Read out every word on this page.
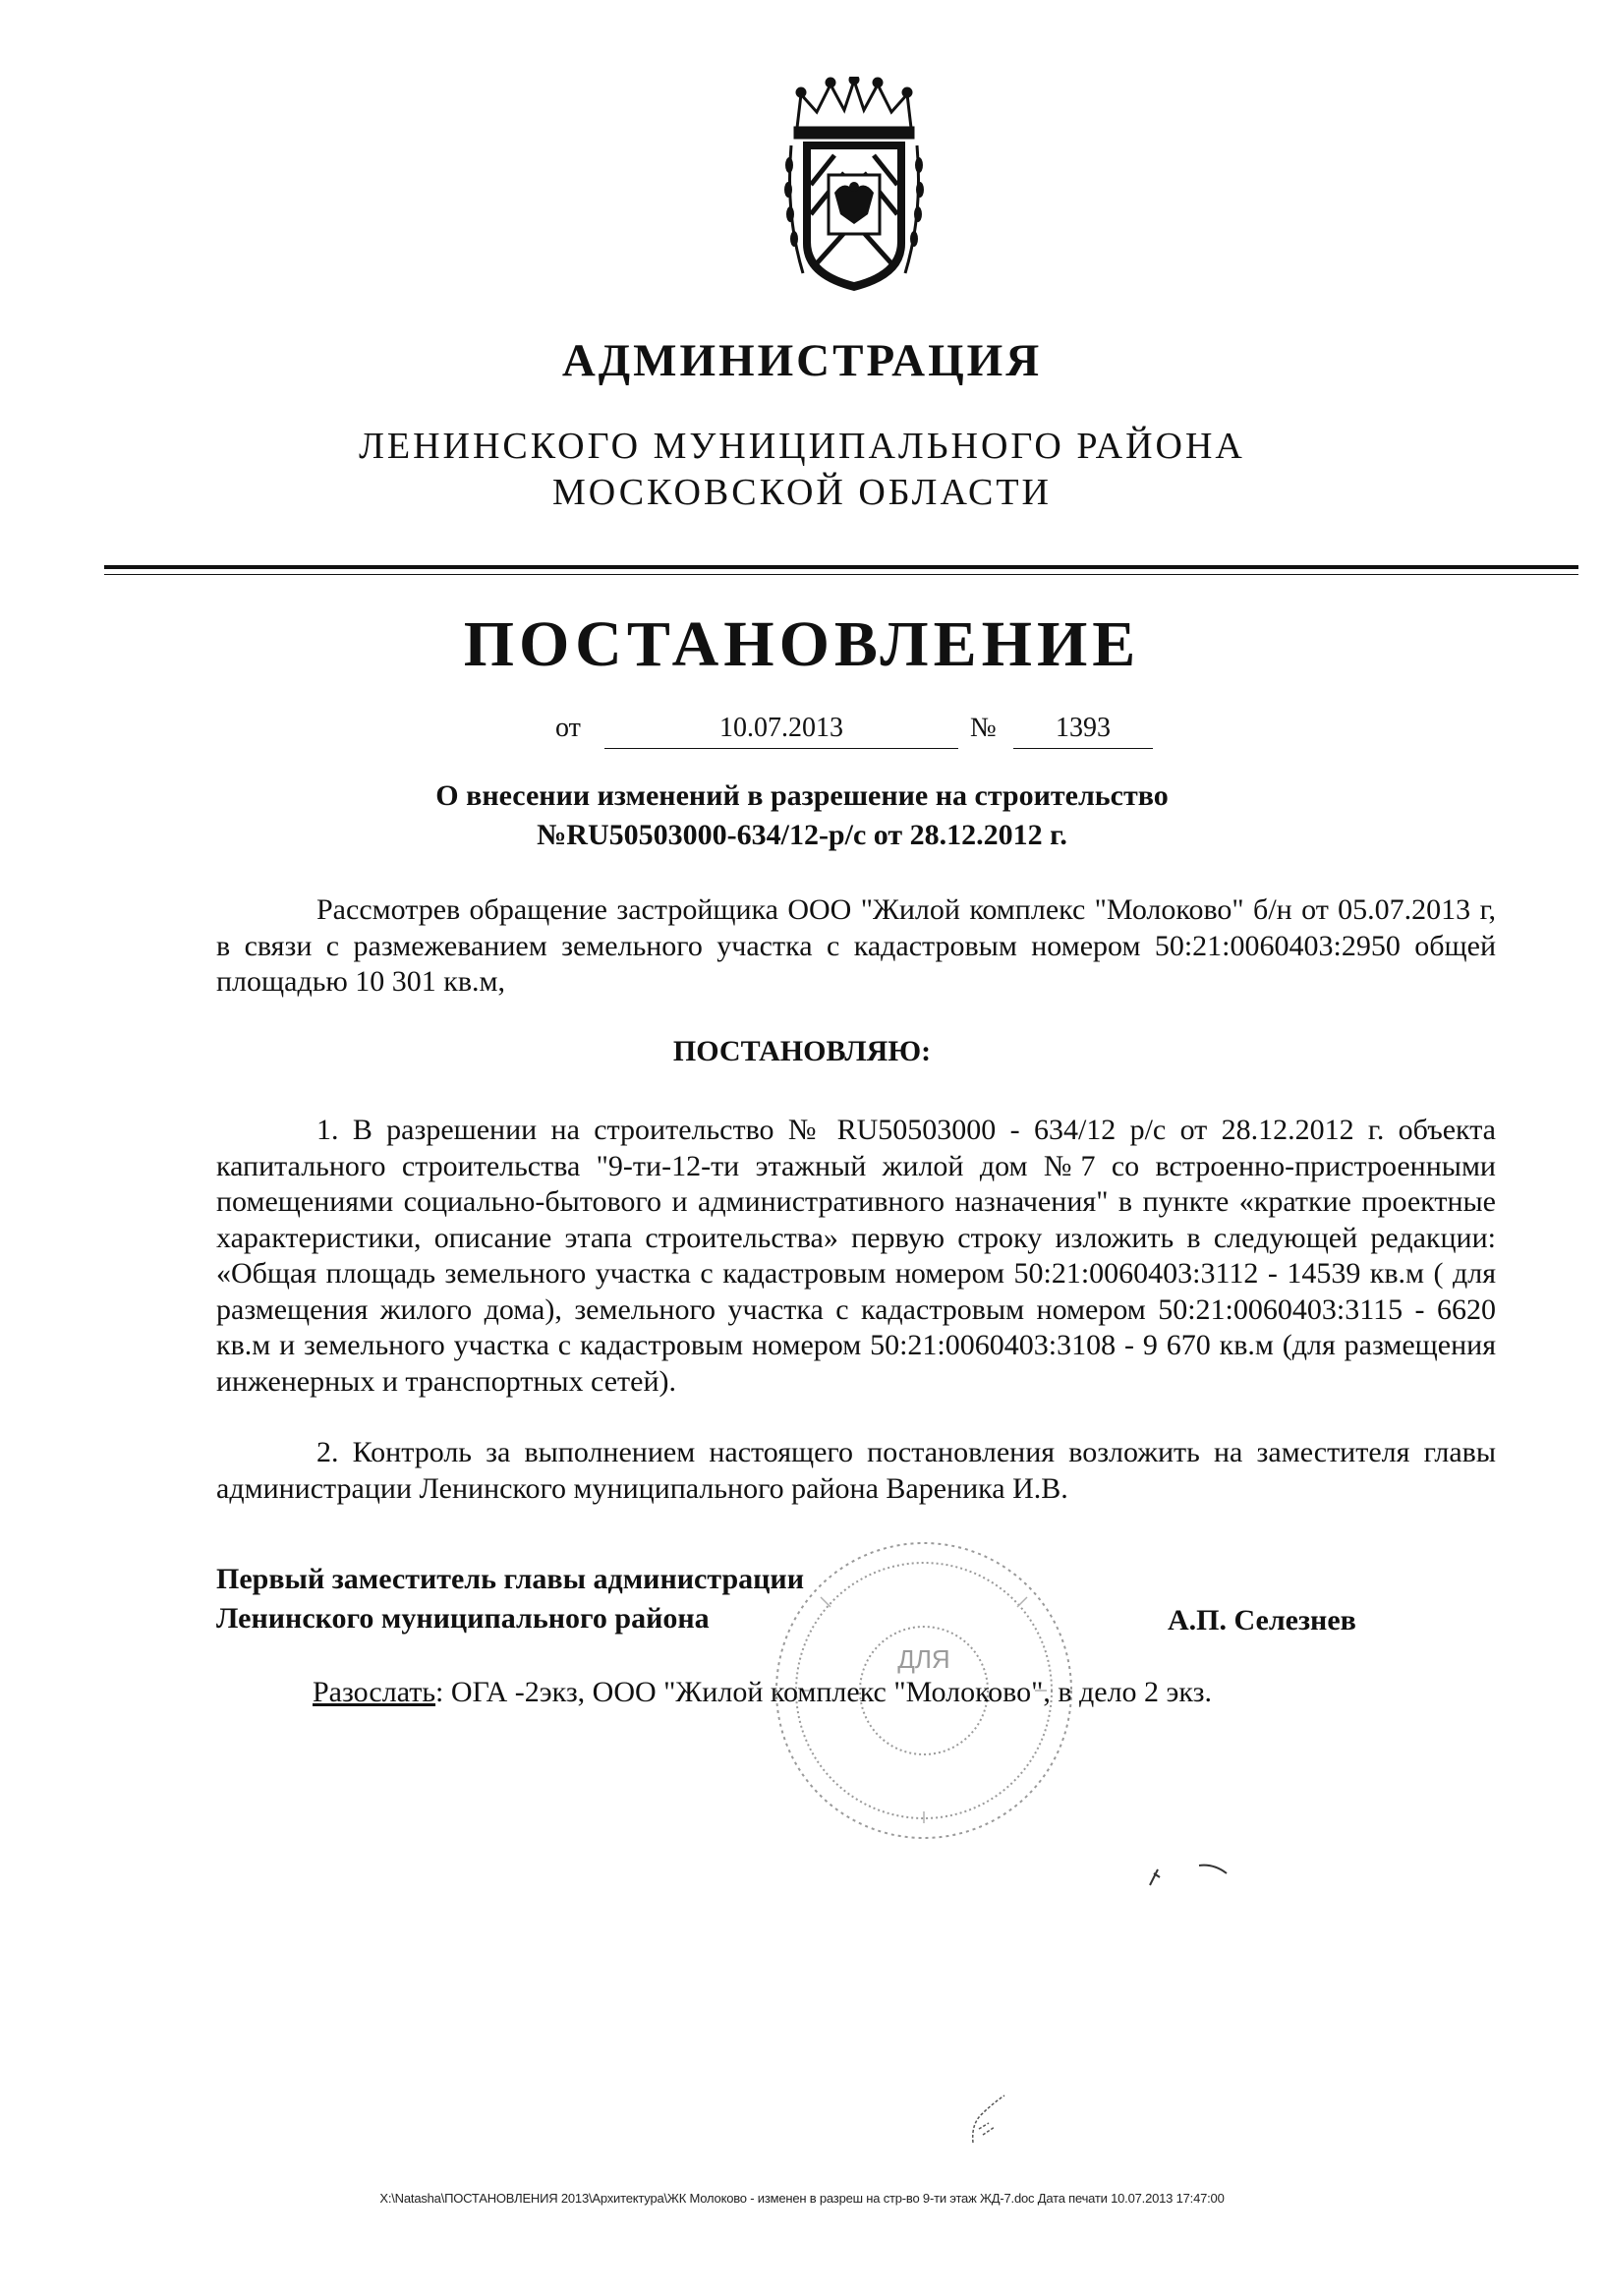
АДМИНИСТРАЦИЯ
ЛЕНИНСКОГО МУНИЦИПАЛЬНОГО РАЙОНА
МОСКОВСКОЙ ОБЛАСТИ
ПОСТАНОВЛЕНИЕ
от	10.07.2013	№	1393
О внесении изменений в разрешение на строительство
№RU50503000-634/12-р/с от 28.12.2012 г.

Рассмотрев обращение застройщика ООО "Жилой комплекс "Молоково" б/н от 05.07.2013 г, в связи с размежеванием земельного участка с кадастровым номером 50:21:0060403:2950 общей площадью 10 301 кв.м,

ПОСТАНОВЛЯЮ:

1. В разрешении на строительство № RU50503000 - 634/12 р/с от 28.12.2012 г. объекта капитального строительства "9-ти-12-ти этажный жилой дом №7 со встроенно-пристроенными помещениями социально-бытового и административного назначения" в пункте «краткие проектные характеристики, описание этапа строительства» первую строку изложить в следующей редакции: «Общая площадь земельного участка с кадастровым номером 50:21:0060403:3112 - 14539 кв.м ( для размещения жилого дома), земельного участка с кадастровым номером 50:21:0060403:3115 - 6620 кв.м и земельного участка с кадастровым номером 50:21:0060403:3108 - 9 670 кв.м (для размещения инженерных и транспортных сетей).

2. Контроль за выполнением настоящего постановления возложить на заместителя главы администрации Ленинского муниципального района Вареника И.В.

ДЛЯ
Первый заместитель главы администрации
Ленинского муниципального района	А.П. Селезнев
Разослать: ОГА -2экз, ООО "Жилой комплекс "Молоково", в дело 2 экз.
X:\Natasha\ПОСТАНОВЛЕНИЯ 2013\Архитектура\ЖК Молоково - изменен в разреш на стр-во 9-ти этаж ЖД-7.doc Дата печати 10.07.2013 17:47:00
